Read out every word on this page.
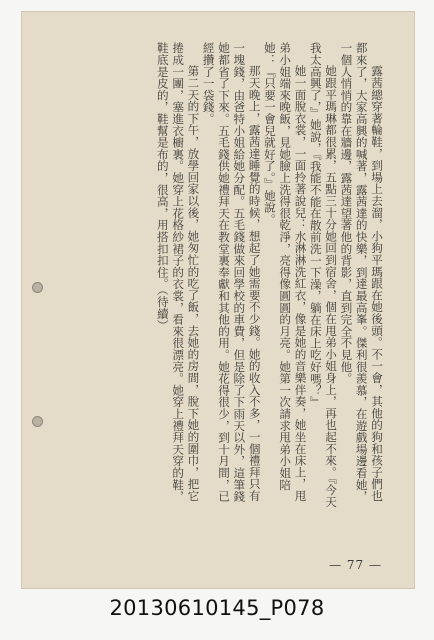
露茜總穿著輪鞋，到場上去溜，小狗平瑪跟在她後頭。不一會，其他的狗和孩子們也都來了，大家高興的喊著，露茜達的快樂，到達最高峯。傑利很羨慕，在遊戲場邊看她，一個人悄悄的靠在牆邊，露茜達望著他的背影，直到完全不見他。

她跟平瑪琳都很累，五點三十分她回到宿舍，個在甩弟小姐身上，再也起不來。『今天我太高興了，』她說，『我能不能在散前洗一下澡，躺在床上吃好嗎？』

她一面脫衣裳，一面拎著說兒：水淋淋洗紅衣，像是她的音樂伴奏，她坐在床上，甩弟小姐端來晚飯，見她臉上洗得很乾淨，亮得像圓圓的月亮。她第一次請求甩弟小姐陪她：『只要一會兒就好了。』她說。

那天晚上，露茜達睡覺的時候，想起了她需要不少錢。她的收入不多，一個禮拜只有一塊錢，由爸特小姐給她分配。五毛錢做來回學校的車費，但是除了下雨天以外，這筆錢她都省了下來。五毛錢供她禮拜天在教堂裏奉獻和其他的用。她花得很少，到十月間，已經攢了一袋錢。

第二天的下午，放學回家以後，她匆忙的吃了飯，去她的房間，脫下她的圍巾，把它捲成一團，塞進衣櫥裏。她穿上花格紗裙子的衣裳，看來很漂亮。她穿上禮拜天穿的鞋，鞋底是皮的，鞋幫是布的，很高，用搭扣扣住。（待續）

— 77 —
20130610145_P078
